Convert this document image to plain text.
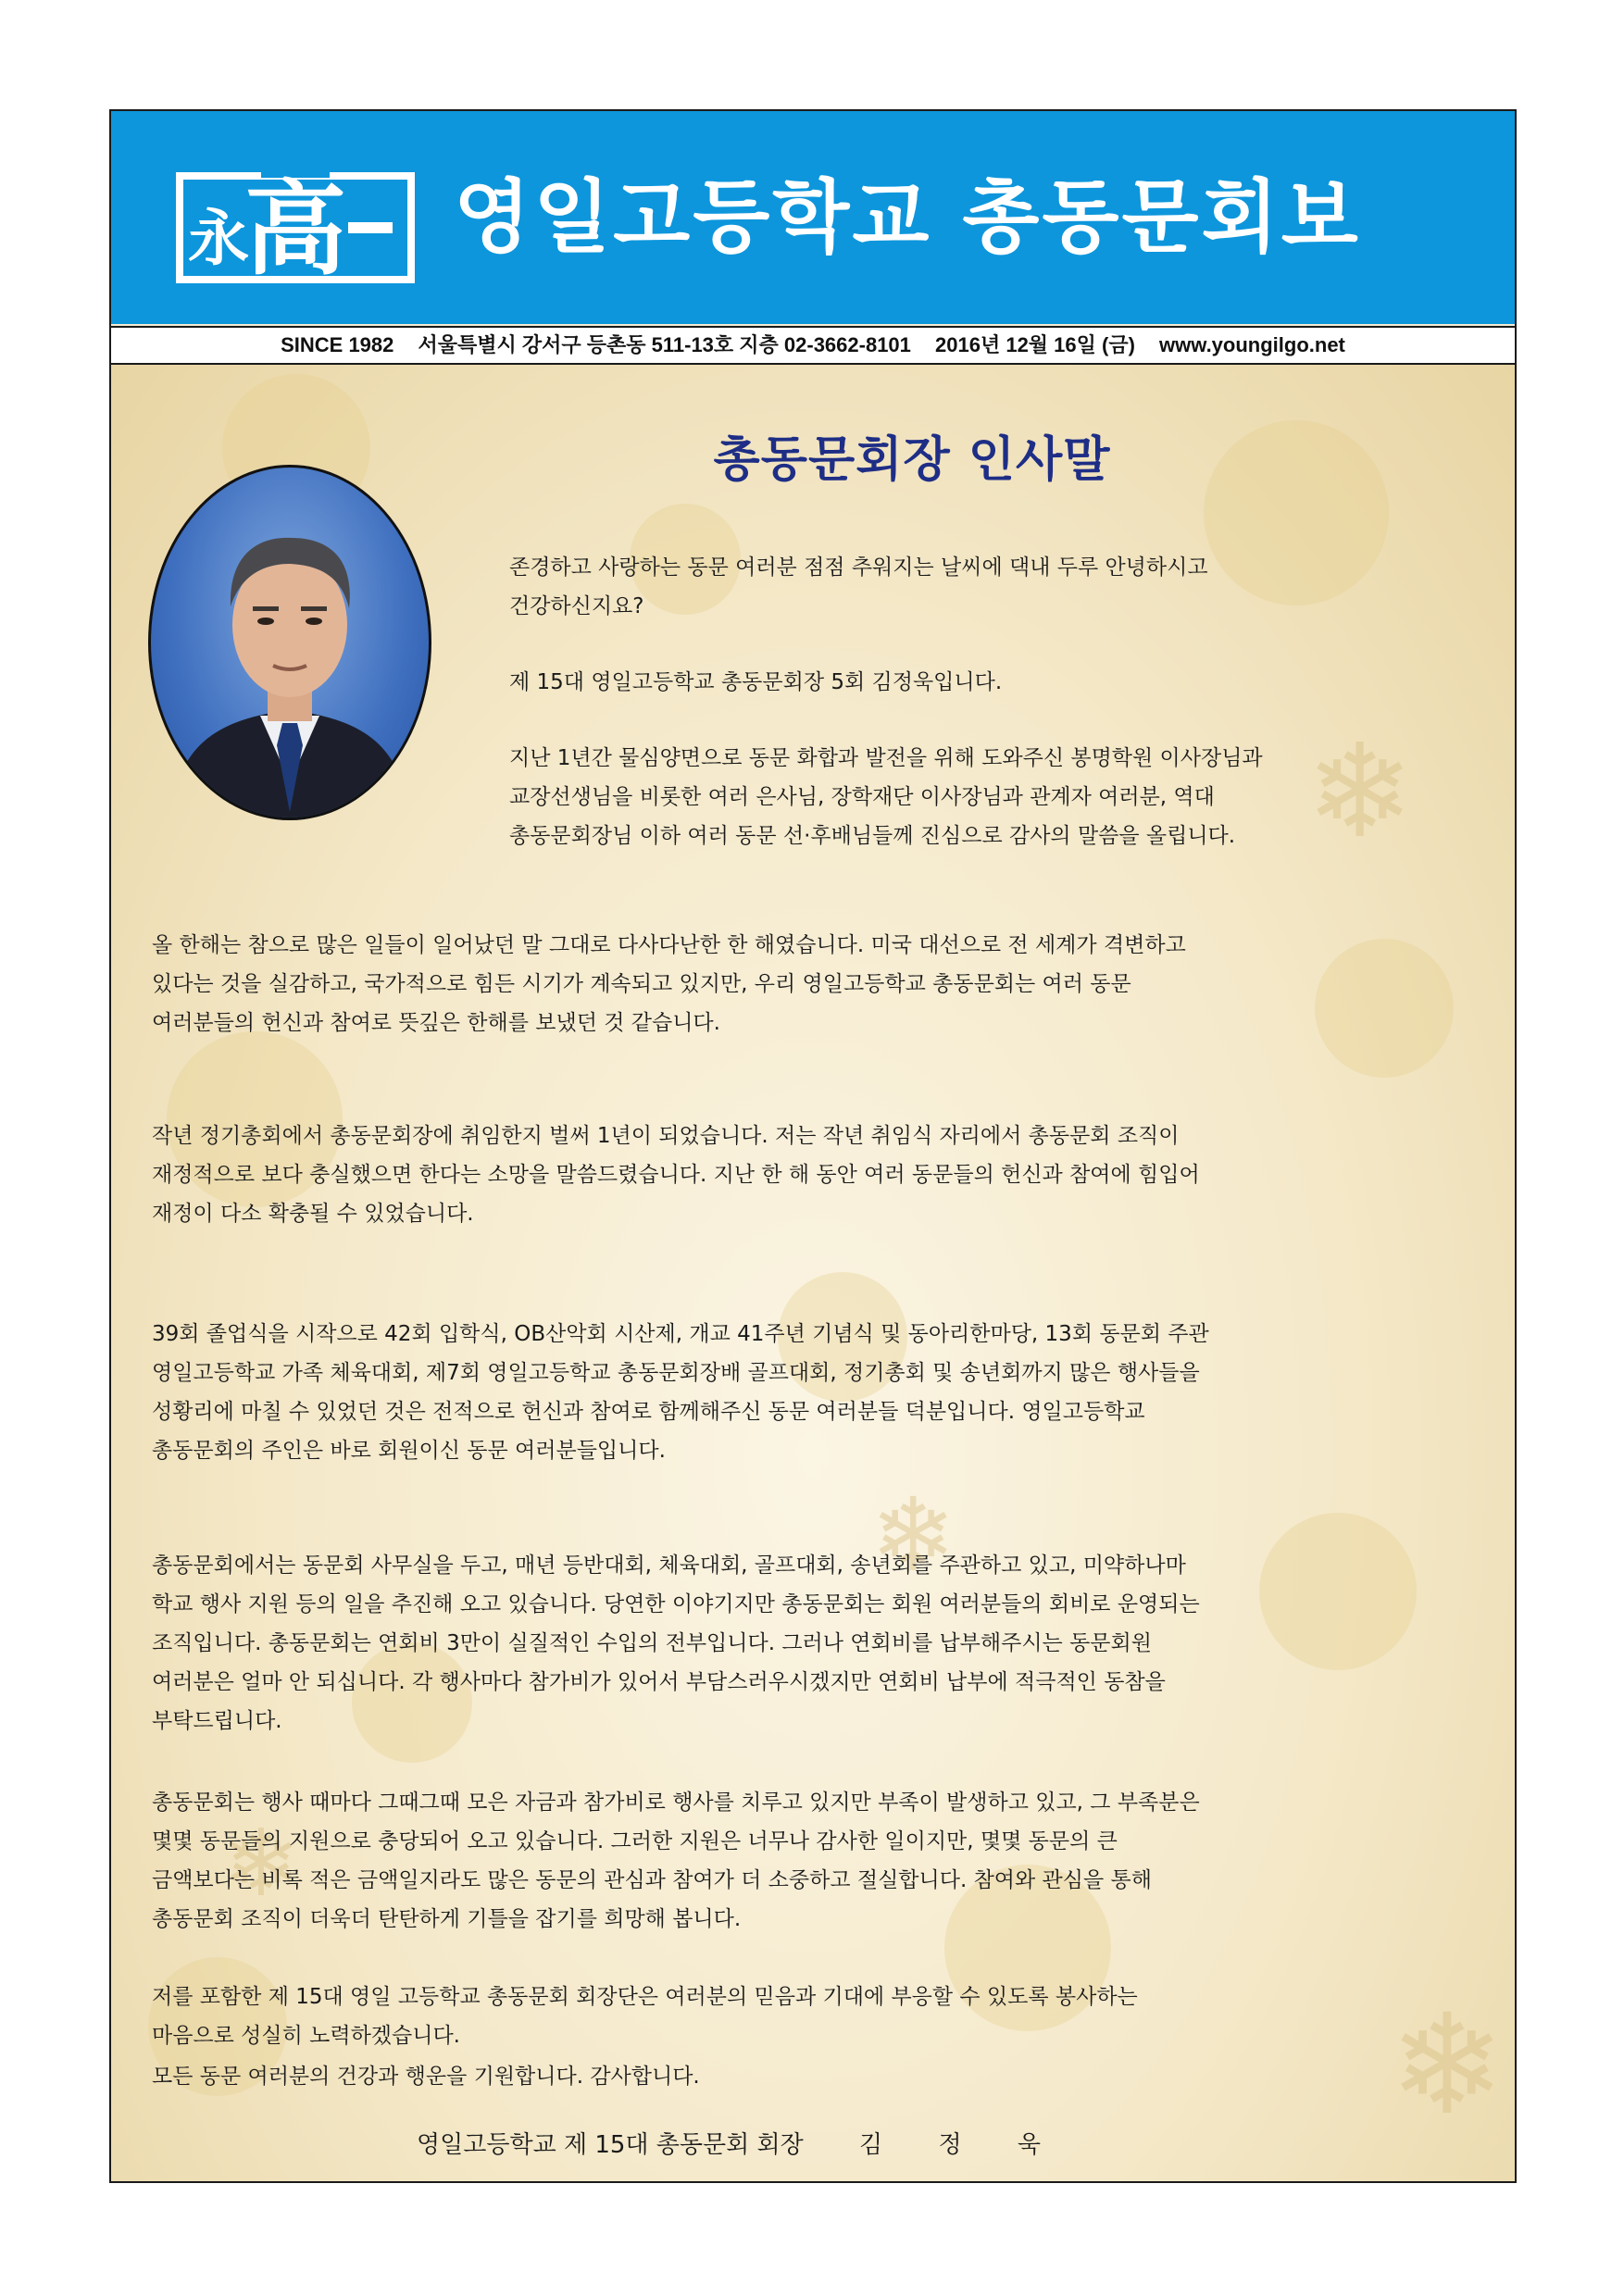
永
高 영일고등학교 총동문회보
SINCE 1982 서울특별시 강서구 등촌동 511-13호 지층 02-3662-8101 2016년 12월 16일 (금) www.youngilgo.net
❄
❄
❄
❄
총동문회장 인사말

존경하고 사랑하는 동문 여러분 점점 추워지는 날씨에 댁내 두루 안녕하시고
건강하신지요?

제 15대 영일고등학교 총동문회장 5회 김정욱입니다.

지난 1년간 물심양면으로 동문 화합과 발전을 위해 도와주신 봉명학원 이사장님과
교장선생님을 비롯한 여러 은사님, 장학재단 이사장님과 관계자 여러분, 역대
총동문회장님 이하 여러 동문 선·후배님들께 진심으로 감사의 말씀을 올립니다.

올 한해는 참으로 많은 일들이 일어났던 말 그대로 다사다난한 한 해였습니다. 미국 대선으로 전 세계가 격변하고
있다는 것을 실감하고, 국가적으로 힘든 시기가 계속되고 있지만, 우리 영일고등학교 총동문회는 여러 동문
여러분들의 헌신과 참여로 뜻깊은 한해를 보냈던 것 같습니다.

작년 정기총회에서 총동문회장에 취임한지 벌써 1년이 되었습니다. 저는 작년 취임식 자리에서 총동문회 조직이
재정적으로 보다 충실했으면 한다는 소망을 말씀드렸습니다. 지난 한 해 동안 여러 동문들의 헌신과 참여에 힘입어
재정이 다소 확충될 수 있었습니다.

39회 졸업식을 시작으로 42회 입학식, OB산악회 시산제, 개교 41주년 기념식 및 동아리한마당, 13회 동문회 주관
영일고등학교 가족 체육대회, 제7회 영일고등학교 총동문회장배 골프대회, 정기총회 및 송년회까지 많은 행사들을
성황리에 마칠 수 있었던 것은 전적으로 헌신과 참여로 함께해주신 동문 여러분들 덕분입니다. 영일고등학교
총동문회의 주인은 바로 회원이신 동문 여러분들입니다.

총동문회에서는 동문회 사무실을 두고, 매년 등반대회, 체육대회, 골프대회, 송년회를 주관하고 있고, 미약하나마
학교 행사 지원 등의 일을 추진해 오고 있습니다. 당연한 이야기지만 총동문회는 회원 여러분들의 회비로 운영되는
조직입니다. 총동문회는 연회비 3만이 실질적인 수입의 전부입니다. 그러나 연회비를 납부해주시는 동문회원
여러분은 얼마 안 되십니다. 각 행사마다 참가비가 있어서 부담스러우시겠지만 연회비 납부에 적극적인 동참을
부탁드립니다.

총동문회는 행사 때마다 그때그때 모은 자금과 참가비로 행사를 치루고 있지만 부족이 발생하고 있고, 그 부족분은
몇몇 동문들의 지원으로 충당되어 오고 있습니다. 그러한 지원은 너무나 감사한 일이지만, 몇몇 동문의 큰
금액보다는 비록 적은 금액일지라도 많은 동문의 관심과 참여가 더 소중하고 절실합니다. 참여와 관심을 통해
총동문회 조직이 더욱더 탄탄하게 기틀을 잡기를 희망해 봅니다.

저를 포함한 제 15대 영일 고등학교 총동문회 회장단은 여러분의 믿음과 기대에 부응할 수 있도록 봉사하는
마음으로 성실히 노력하겠습니다.

모든 동문 여러분의 건강과 행운을 기원합니다. 감사합니다.

영일고등학교 제 15대 총동문회 회장 김 정 욱
